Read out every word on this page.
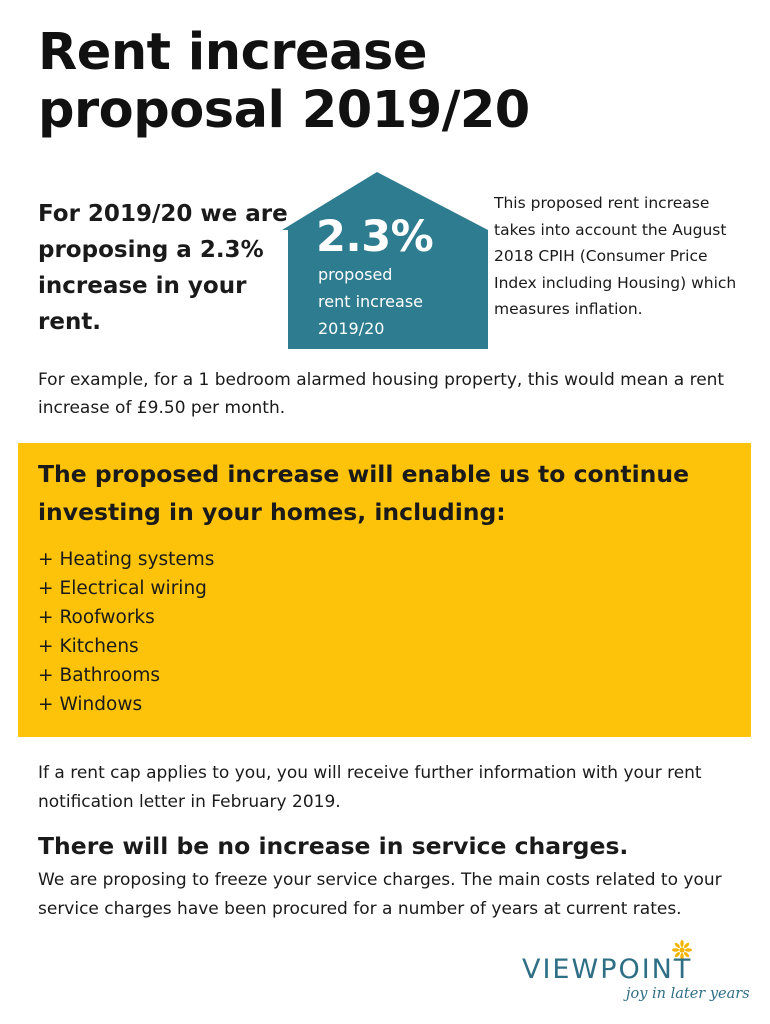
Rent increase
proposal 2019/20
For 2019/20 we are proposing a 2.3% increase in your rent.
2.3%
proposed
rent increase
2019/20
This proposed rent increase takes into account the August 2018 CPIH (Consumer Price Index including Housing) which measures inflation.
For example, for a 1 bedroom alarmed housing property, this would mean a rent increase of £9.50 per month.
The proposed increase will enable us to continue investing in your homes, including:
+ Heating systems
+ Electrical wiring
+ Roofworks
+ Kitchens
+ Bathrooms
+ Windows
If a rent cap applies to you, you will receive further information with your rent notification letter in February 2019.
There will be no increase in service charges.
We are proposing to freeze your service charges. The main costs related to your service charges have been procured for a number of years at current rates.
VIEWPOINT
joy in later years
